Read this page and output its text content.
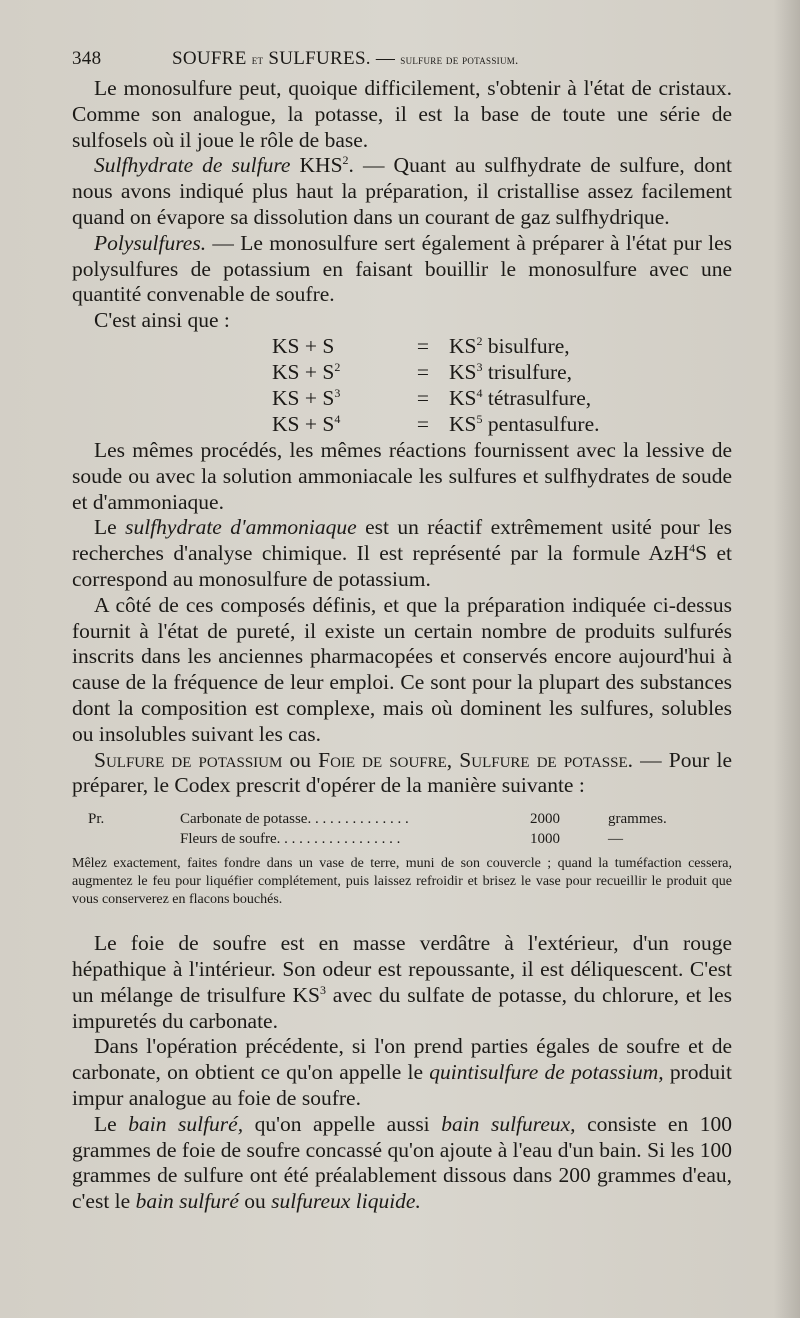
348	SOUFRE et SULFURES. — sulfure de potassium.

Le monosulfure peut, quoique difficilement, s'obtenir à l'état de cristaux. Comme son analogue, la potasse, il est la base de toute une série de sulfosels où il joue le rôle de base.

Sulfhydrate de sulfure KHS$^2$. — Quant au sulfhydrate de sulfure, dont nous avons indiqué plus haut la préparation, il cristallise assez facilement quand on évapore sa dissolution dans un courant de gaz sulfhydrique.

Polysulfures. — Le monosulfure sert également à préparer à l'état pur les polysulfures de potassium en faisant bouillir le monosulfure avec une quantité convenable de soufre.

C'est ainsi que :

KS + S	= $KS^2$ bisulfure,
KS + $S^2$	= $KS^3$ trisulfure,
KS + $S^3$	= $KS^4$ tétrasulfure,
KS + $S^4$	= $KS^5$ pentasulfure.

Les mêmes procédés, les mêmes réactions fournissent avec la lessive de soude ou avec la solution ammoniacale les sulfures et sulfhydrates de soude et d'ammoniaque.

Le sulfhydrate d'ammoniaque est un réactif extrêmement usité pour les recherches d'analyse chimique. Il est représenté par la formule AzH$^4$S et correspond au monosulfure de potassium.

A côté de ces composés définis, et que la préparation indiquée ci-dessus fournit à l'état de pureté, il existe un certain nombre de produits sulfurés inscrits dans les anciennes pharmacopées et conservés encore aujourd'hui à cause de la fréquence de leur emploi. Ce sont pour la plupart des substances dont la composition est complexe, mais où dominent les sulfures, solubles ou insolubles suivant les cas.

Sulfure de potassium ou Foie de soufre, Sulfure de potasse. — Pour le préparer, le Codex prescrit d'opérer de la manière suivante :

Pr.	Carbonate de potasse. . . . . . . . . . . . . .	2000	grammes.
Fleurs de soufre. . . . . . . . . . . . . . . . .	1000	—

Mêlez exactement, faites fondre dans un vase de terre, muni de son couvercle ; quand la tuméfaction cessera, augmentez le feu pour liquéfier complétement, puis laissez refroidir et brisez le vase pour recueillir le produit que vous conserverez en flacons bouchés.

Le foie de soufre est en masse verdâtre à l'extérieur, d'un rouge hépathique à l'intérieur. Son odeur est repoussante, il est déliquescent. C'est un mélange de trisulfure $KS^3$ avec du sulfate de potasse, du chlorure, et les impuretés du carbonate.

Dans l'opération précédente, si l'on prend parties égales de soufre et de carbonate, on obtient ce qu'on appelle le quintisulfure de potassium, produit impur analogue au foie de soufre.

Le bain sulfuré, qu'on appelle aussi bain sulfureux, consiste en 100 grammes de foie de soufre concassé qu'on ajoute à l'eau d'un bain. Si les 100 grammes de sulfure ont été préalablement dissous dans 200 grammes d'eau, c'est le bain sulfuré ou sulfureux liquide.
